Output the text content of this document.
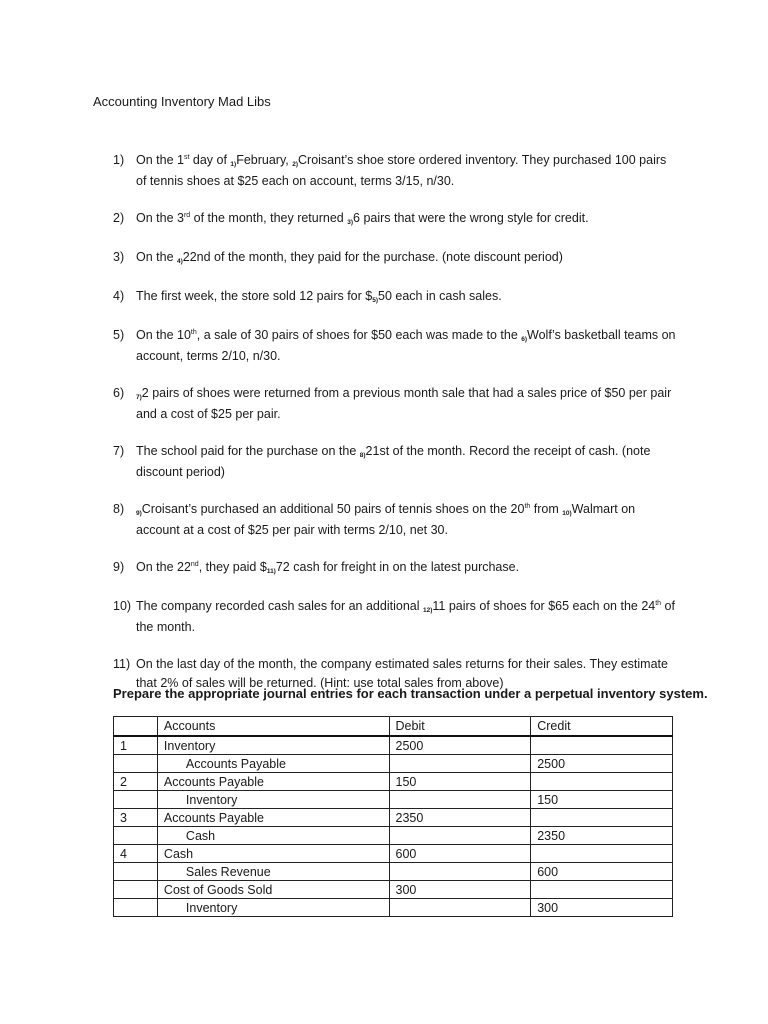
Accounting Inventory Mad Libs
1) On the 1st day of 1)February, 2)Croisant’s shoe store ordered inventory. They purchased 100 pairs of tennis shoes at $25 each on account, terms 3/15, n/30.
2) On the 3rd of the month, they returned 3)6 pairs that were the wrong style for credit.
3) On the 4)22nd of the month, they paid for the purchase. (note discount period)
4) The first week, the store sold 12 pairs for $5)50 each in cash sales.
5) On the 10th, a sale of 30 pairs of shoes for $50 each was made to the 6)Wolf’s basketball teams on account, terms 2/10, n/30.
6) 7)2 pairs of shoes were returned from a previous month sale that had a sales price of $50 per pair and a cost of $25 per pair.
7) The school paid for the purchase on the 8)21st of the month. Record the receipt of cash. (note discount period)
8) 9)Croisant’s purchased an additional 50 pairs of tennis shoes on the 20th from 10)Walmart on account at a cost of $25 per pair with terms 2/10, net 30.
9) On the 22nd, they paid $11)72 cash for freight in on the latest purchase.
10) The company recorded cash sales for an additional 12)11 pairs of shoes for $65 each on the 24th of the month.
11) On the last day of the month, the company estimated sales returns for their sales. They estimate that 2% of sales will be returned. (Hint: use total sales from above)
Prepare the appropriate journal entries for each transaction under a perpetual inventory system.
	Accounts	Debit	Credit
1	Inventory	2500	
	Accounts Payable		2500
2	Accounts Payable	150	
	Inventory		150
3	Accounts Payable	2350	
	Cash		2350
4	Cash	600	
	Sales Revenue		600
	Cost of Goods Sold	300	
	Inventory		300
